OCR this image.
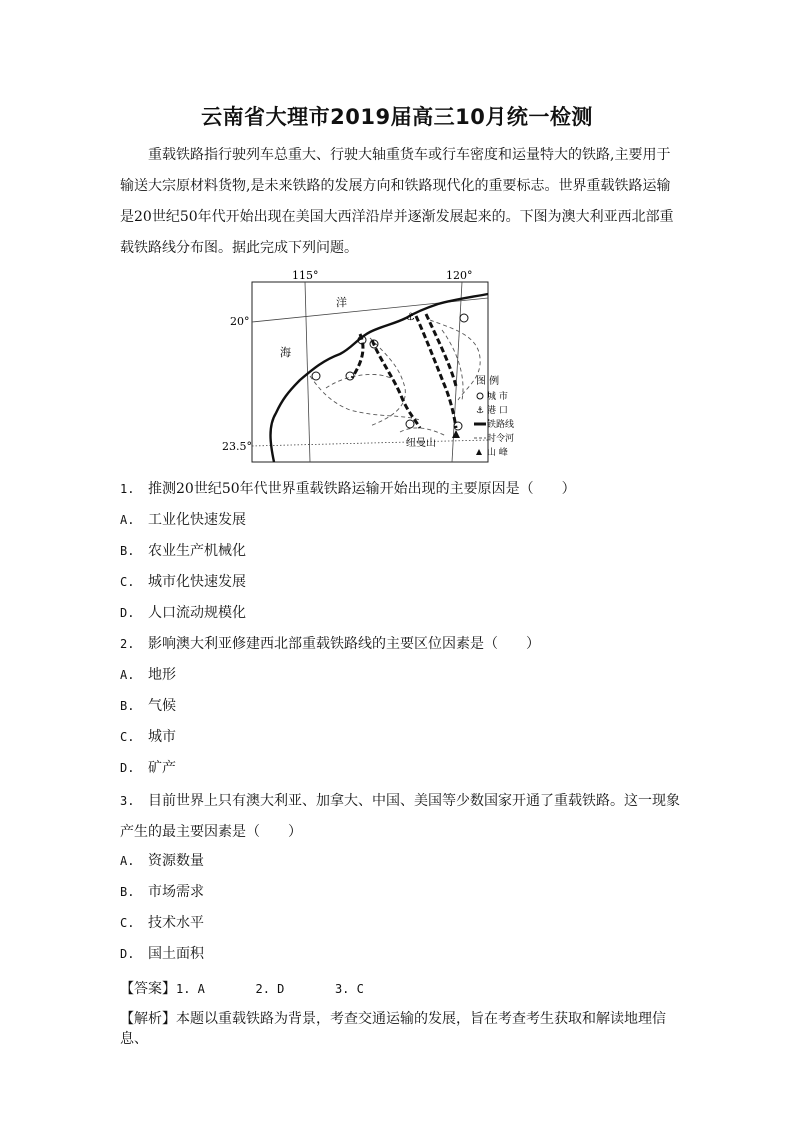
云南省大理市2019届高三10月统一检测
重载铁路指行驶列车总重大、行驶大轴重货车或行车密度和运量特大的铁路,主要用于输送大宗原材料货物,是未来铁路的发展方向和铁路现代化的重要标志。世界重载铁路运输是20世纪50年代开始出现在美国大西洋沿岸并逐渐发展起来的。下图为澳大利亚西北部重载铁路线分布图。据此完成下列问题。
115°	120°
20°
23.5°
洋
海
⚓
纽曼山
图 例
城 市
⚓ 港 口
铁路线
时令河
山 峰
1. 推测20世纪50年代世界重载铁路运输开始出现的主要原因是（　　）
A. 工业化快速发展
B. 农业生产机械化
C. 城市化快速发展
D. 人口流动规模化
2. 影响澳大利亚修建西北部重载铁路线的主要区位因素是（　　）
A. 地形
B. 气候
C. 城市
D. 矿产
3. 目前世界上只有澳大利亚、加拿大、中国、美国等少数国家开通了重载铁路。这一现象产生的最主要因素是（　　）
A. 资源数量
B. 市场需求
C. 技术水平
D. 国土面积
【答案】1. A       2. D       3. C
【解析】本题以重载铁路为背景，考查交通运输的发展，旨在考查考生获取和解读地理信息、
